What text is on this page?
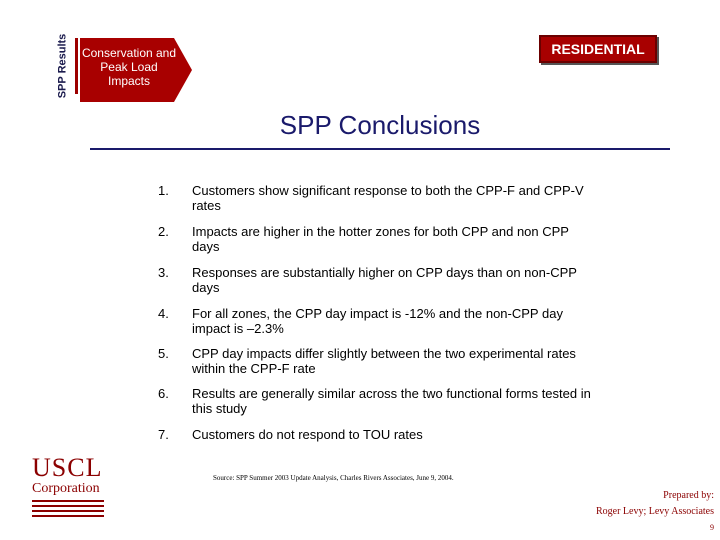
SPP Results Conservation and Peak Load Impacts
RESIDENTIAL
SPP Conclusions
1. Customers show significant response to both the CPP-F and CPP-V rates
2. Impacts are higher in the hotter zones for both CPP and non CPP days
3. Responses are substantially higher on CPP days than on non-CPP days
4. For all zones, the CPP day impact is -12% and the non-CPP day impact is –2.3%
5. CPP day impacts differ slightly between the two experimental rates within the CPP-F rate
6. Results are generally similar across the two functional forms tested in this study
7. Customers do not respond to TOU rates
USCL
Corporation
Source: SPP Summer 2003 Update Analysis, Charles Rivers Associates, June 9, 2004.
Prepared by:
Roger Levy; Levy Associates
9
